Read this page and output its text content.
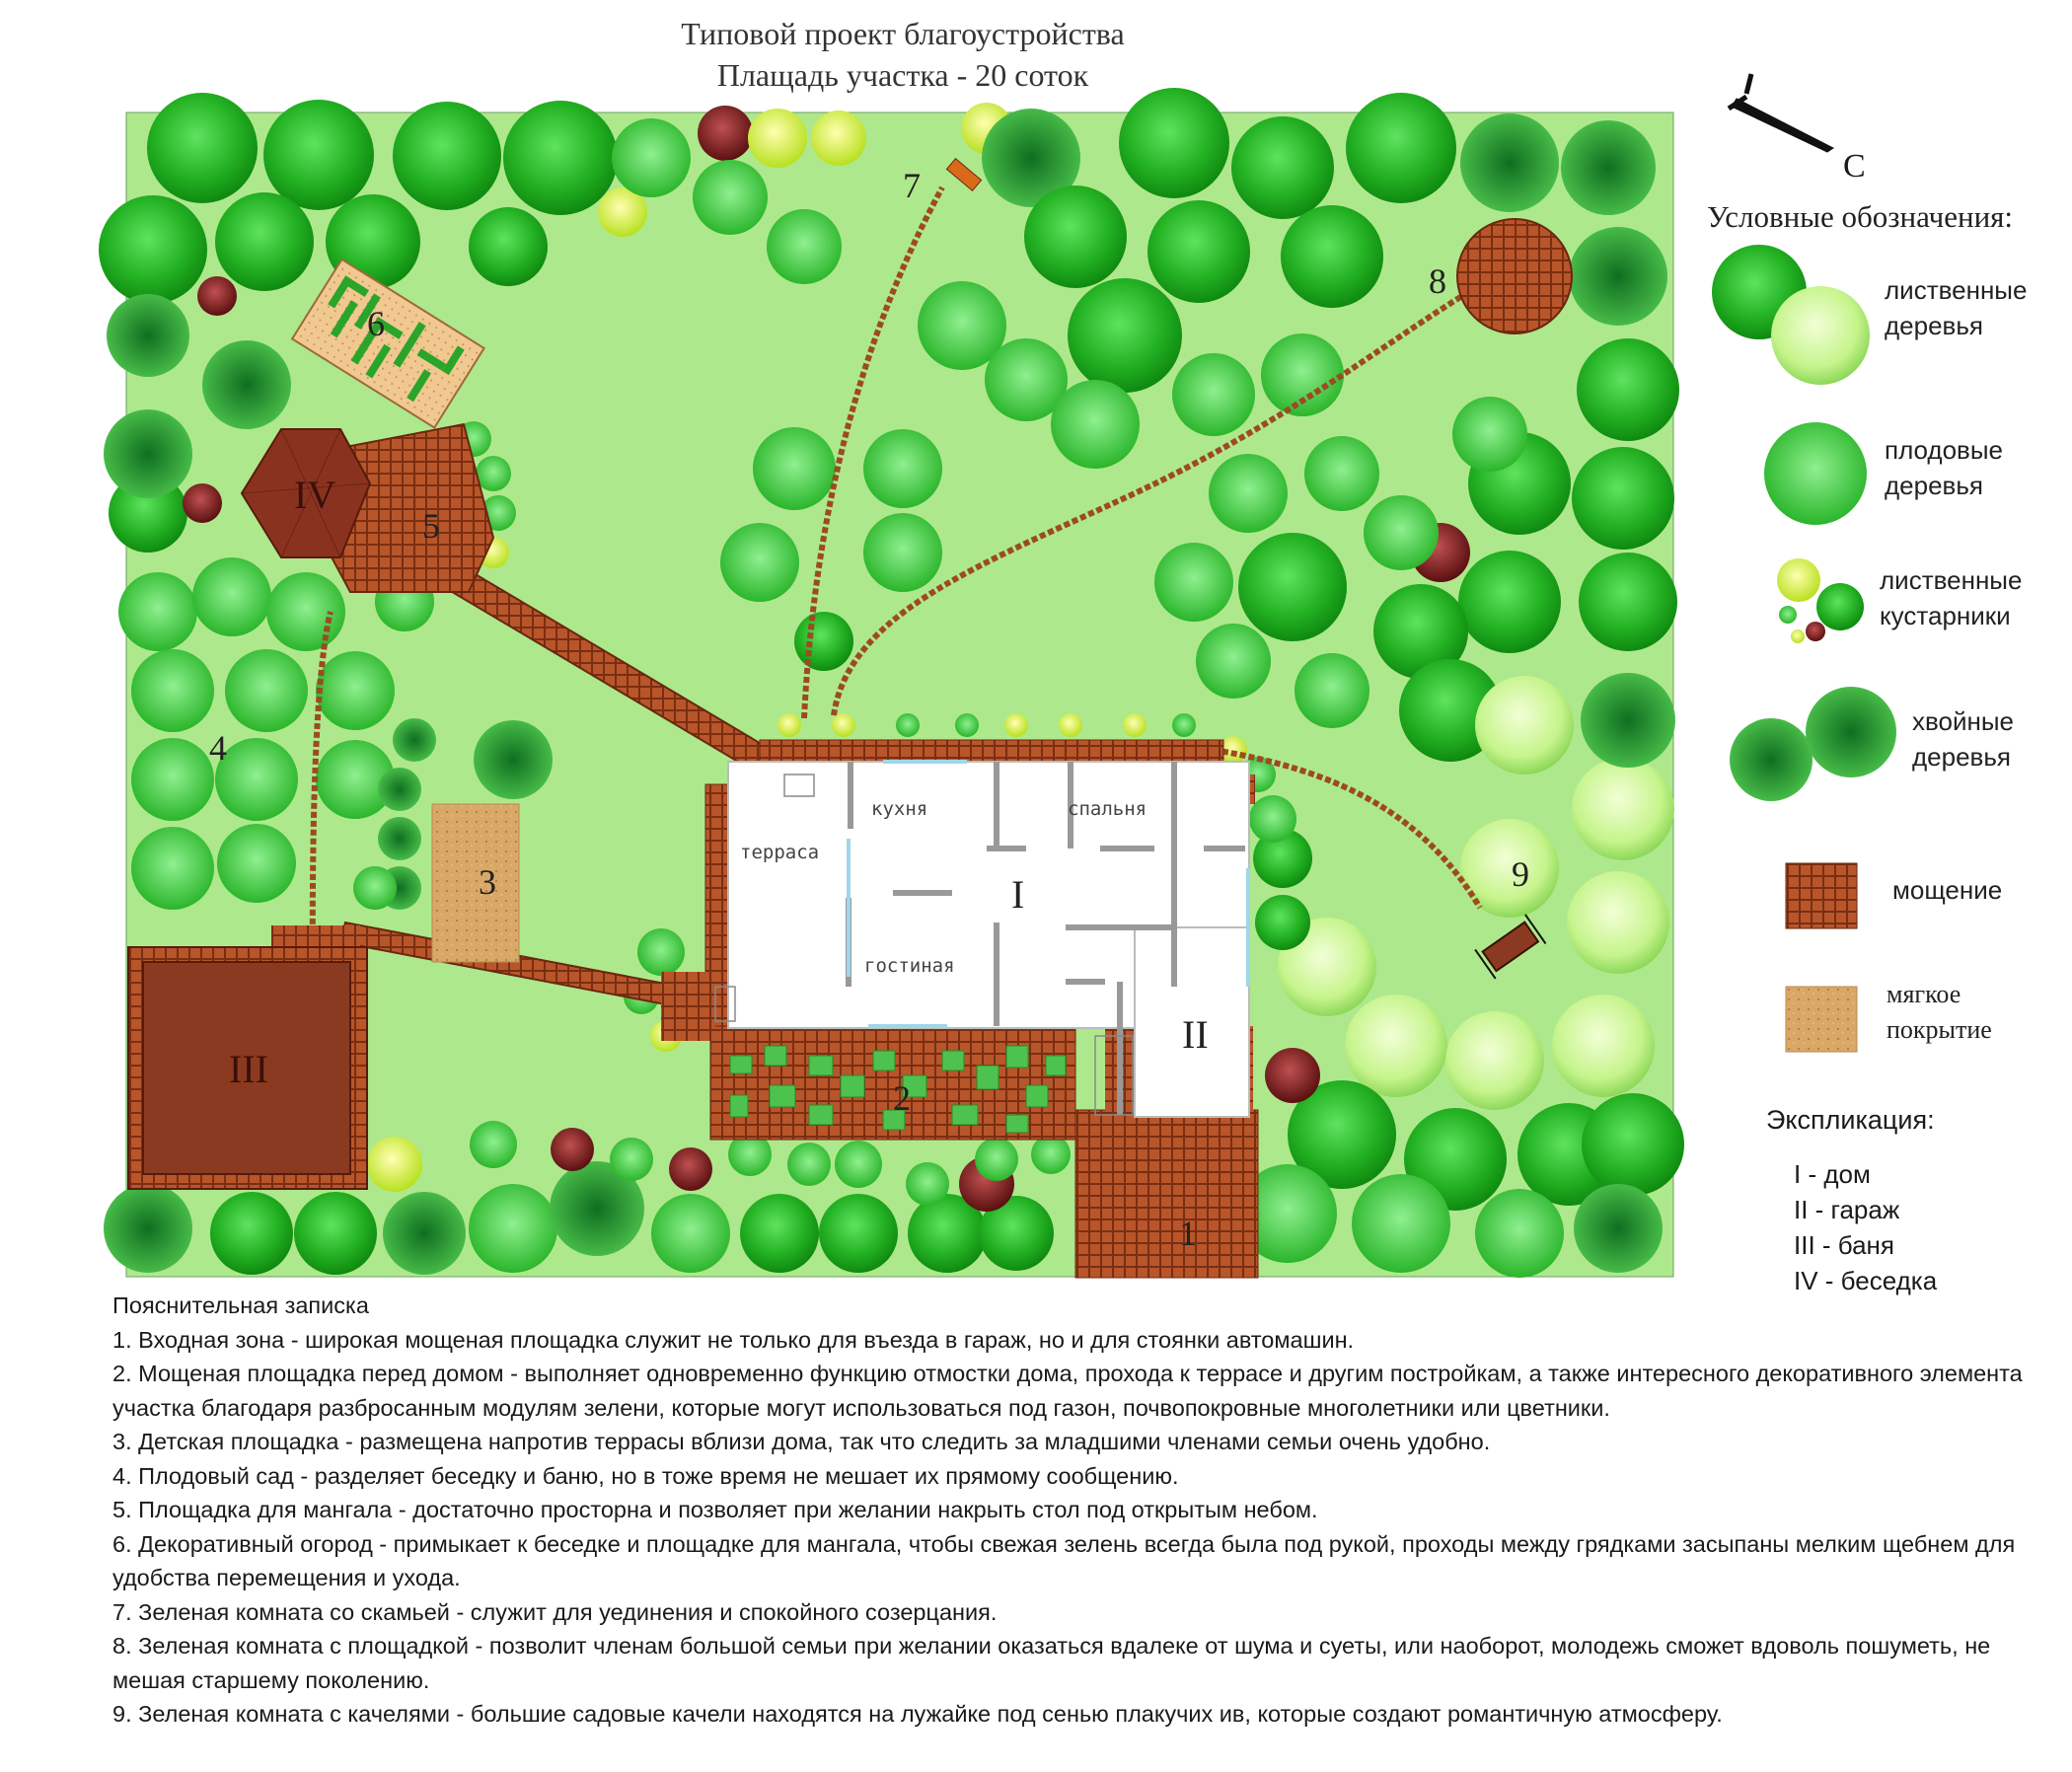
Типовой проект благоустройства
Плащадь участка - 20 соток
1
2
3
4
5
6
7
8
9
I
II
III
IV
кухня	спальня
терраса
гостиная
С
Условные обозначения:
лиственные
деревья
плодовые
деревья
лиственные
кустарники
хвойные
деревья
мощение
мягкое
покрытие
Экспликация:
I - дом
II - гараж
III - баня
IV - беседка

Пояснительная записка

1. Входная зона - широкая мощеная площадка служит не только для въезда в гараж, но и для стоянки автомашин.

2. Мощеная площадка перед домом - выполняет одновременно функцию отмостки дома, прохода к террасе и другим постройкам, а также интересного декоративного элемента участка благодаря разбросанным модулям зелени, которые могут использоваться под газон, почвопокровные многолетники или цветники.

3. Детская площадка - размещена напротив террасы вблизи дома, так что следить за младшими членами семьи очень удобно.

4. Плодовый сад - разделяет беседку и баню, но в тоже время не мешает их прямому сообщению.

5. Площадка для мангала - достаточно просторна и позволяет при желании накрыть стол под открытым небом.

6. Декоративный огород - примыкает к беседке и площадке для мангала, чтобы свежая зелень всегда была под рукой, проходы между грядками засыпаны мелким щебнем для удобства перемещения и ухода.

7. Зеленая комната со скамьей - служит для уединения и спокойного созерцания.

8. Зеленая комната с площадкой - позволит членам большой семьи при желании оказаться вдалеке от шума и суеты, или наоборот, молодежь сможет вдоволь пошуметь, не мешая старшему поколению.

9. Зеленая комната с качелями - большие садовые качели находятся на лужайке под сенью плакучих ив, которые создают романтичную атмосферу.
